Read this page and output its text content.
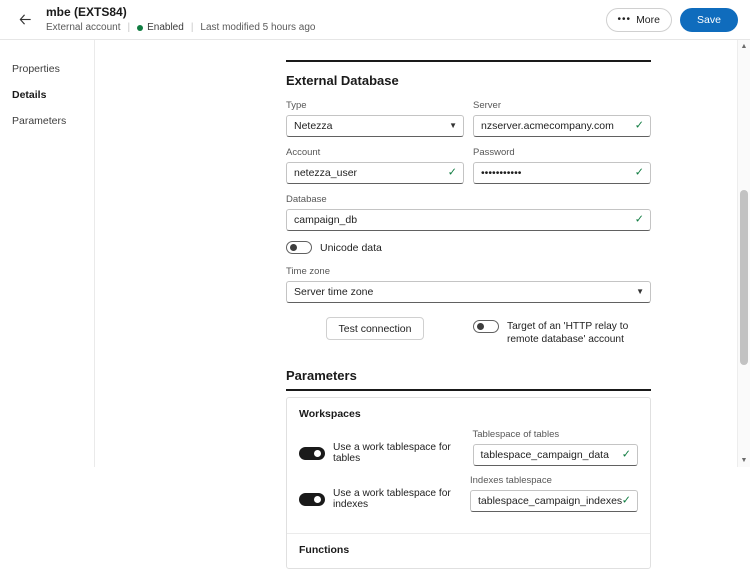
mbe (EXTS84)
External account | Enabled | Last modified 5 hours ago
••• More	Save
Properties
Details
Parameters
External Database
Type
Netezza	▼
Server
nzserver.acmecompany.com ✓
Account
netezza_user	✓
Password
•••••••••••	✓
Database
campaign_db	✓
Unicode data
Time zone
Server time zone	▼
Test connection	Target of an 'HTTP relay to remote database' account
Parameters
Workspaces
Use a work tablespace for tables
Tablespace of tables
tablespace_campaign_data ✓
Use a work tablespace for indexes
Indexes tablespace
tablespace_campaign_indexes ✓
Functions
▲
▼
